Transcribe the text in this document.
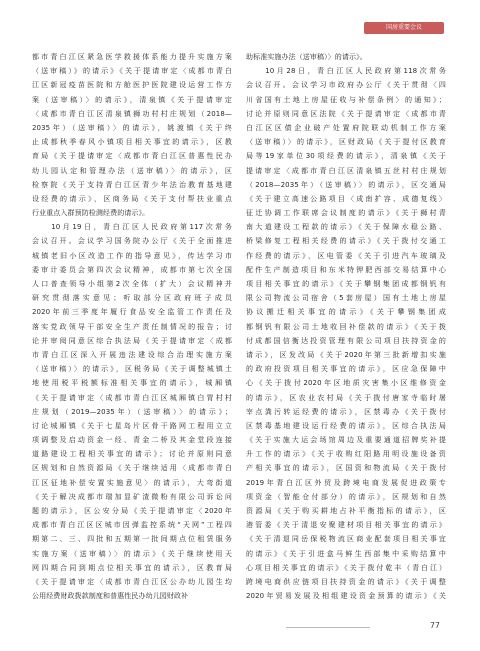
国房重要会议
都市青白江区紧急医学救援体系能力提升实施方案
（送审稿）》的请示》《关于提请审定〈成都市青白
江区新冠疫苗医院和方舱医护医院建设运营工作方
案（送审稿）〉的请示》，清泉镇《关于提请审定
〈成都市青白江区清泉镇狮功村村庄规划（2018—
2035年）（送审稿）〉的请示》，姚渡镇《关于终
止成都秋季春风小镇项目相关事宜的请示》，区教
育局《关于提请审定〈成都市青白江区普惠性民办
幼儿园认定和管理办法（送审稿）〉的请示》，区
检察院《关于支持青白江区青少年法治教育基地建
设经费的请示》，区商务局《关于支付帮扶业重点
行业重点入群预防检测经费的请示》。
　　10月19日，青白江区人民政府第117次常务
会议召开。会议学习国务院办公厅《关于全面推进
城镇老旧小区改造工作的指导意见》，传达学习市
委审计委员会第四次会议精神，成都市第七次全国
人口普查领导小组第2次全体（扩大）会议精神并
研究贯彻落实意见；听取部分区政府班子成员
2020年前三季度年履行食品安全监管工作责任及
落实党政领导干部安全生产责任制情况的报告；讨
论并审阅同意区综合执法局《关于提请审定〈成都
市青白江区深入开展违法建设综合治理实施方案
（送审稿）〉的请示》，区税务局《关于调整城镇土
地使用税平税额标准相关事宜的请示》，城厢镇
《关于提请审定〈成都市青白江区城厢镇白胃村村
庄规划（2019—2035年）（送审稿）〉的请示》；
讨论城厢镇《关于七星岛片区骨干路网工程用立立
项调整及启动资金一经、青金二桥及其金堂段连接
道路建设工程相关事宜的请示》；讨论并原则同意
区规划和自然资源局《关于继续适用〈成都市青白
江区征地补偿安置实施意见〉的请示》，大弯街道
《关于解决成都市瑞加显矿渣微粉有限公司诉讼问
题的请示》，区公安分局《关于提请审定〈2020年
成都市青白江区区城市因弹监控系统“天网”工程四
期第二、三、四批和五期第一批间期点位租赁服务
实施方案（送审稿）〉的请示》《关于继续使用天
网四期合同到期点位相关事宜的请示》，区教育局
《关于提请审定〈成都市青白江区公办幼儿园生均
公用经费财政拨款制度和普惠性民办幼儿园财政补
助标准实施办法（送审稿）〉的请示》。
　　10月28日，青白江区人民政府第118次常务
会议召开。会议学习市政府办公厅《关于贯彻〈四
川省国有土地上房屋征收与补偿条例〉的通知》；
讨论并原则同意区法院《关于提请审定〈成都市青
白江区区债企业破产处置府院联动机制工作方案
（送审稿）〉的请示》，区财政局《关于提付区教育
局等19家单位30项经费的请示》，清泉镇《关于
提请审定〈成都市青白江区清泉镇五丝村村庄规划
（2018—2035年）（送审稿）〉的请示》，区交通局
《关于建立高速公路项目〈成南扩容、成德复线〉
征迁协调工作联席会议制度的请示》《关于狮村青
南大道建设工程款的请示》《关于保障水稳公路、
桥梁修复工程相关经费的请示》《关于拨付交通工
作经费的请示》，区电管委《关于引进汽车玻璃及
配件生产制造项目和东米特钾肥西部交易结算中心
项目相关事宜的请示》《关于攀钢集团成都钢钒有
限公司物流公司宿舍（5套房屋）国有土地上房屋
协议搬迁相关事宜的请示》《关于攀钢集团成
都钢钒有限公司土地收回补偿款的请示》《关于拨
付成都国信衡达投资管理有限公司项目扶持资金的
请示》，区发改局《关于2020年第三批新增扣实施
的政府投资项目相关事宜的请示》，区应急保障中
心《关于拨付2020年区地质灾害集小区维修资金
的请示》，区农业农村局《关于拨付唐家寺临时屠
宰点粪污转运经费的请示》，区禁毒办《关于拨付
区禁毒基地建设运行经费的请示》，区综合执法局
《关于实施大运会场馆周边及重要通道招牌奖补提
升工作的请示》《关于收购红阳路用明设施设备资
产相关事宜的请示》，区国资和物流局《关于拨付
2019年青白江区外贸及跨境电商发展促进政策专
项资金（智能仓付部分）的请示》，区规划和自然
资源局《关于购买耕地占补平衡指标的请示》，区
港管委《关于清退安聚建材项目相关事宜的请示》
《关于清退同岳保税物流区商业配套项目相关事宜
的请示》《关于引进盒马鲜生西部集中采购结算中
心项目相关事宜的请示》《关于拨付乾丰（青白江）
跨境电商供应链项目扶持资金的请示》《关于调整
2020年贸易发展及相组建设资金预算的请示》《关
77
